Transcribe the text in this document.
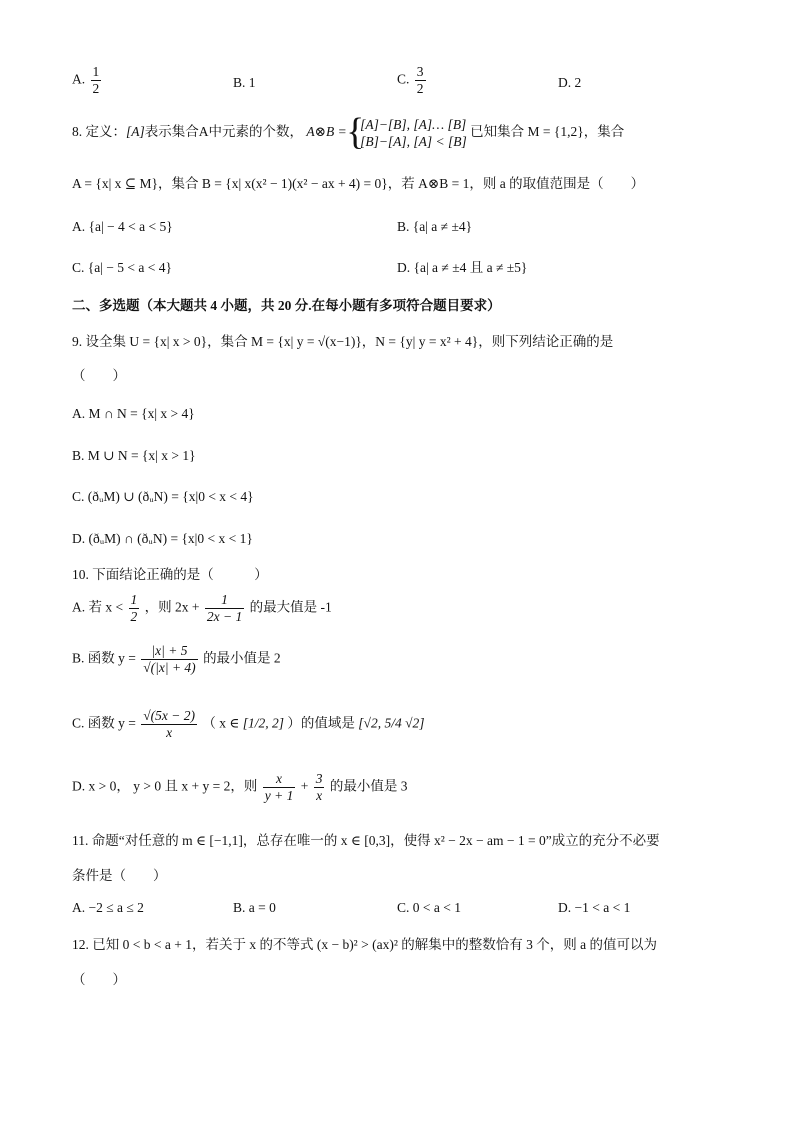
A. $\frac{1}{2}$	B. 1	C. $\frac{3}{2}$	D. 2
8. 定义：[A]表示集合A中元素的个数， A⊗B =
{ [A]−[B], [A]… [B]
[B]−[A], [A] < [B]
已知集合 M = {1,2}，集合
A = {x| x ⊆ M}，集合 B = {x| x(x² − 1)(x² − ax + 4) = 0}，若 A⊗B = 1，则 a 的取值范围是（　　）
A. {a| − 4 < a < 5}	B. {a| a ≠ ±4}
C. {a| − 5 < a < 4}	D. {a| a ≠ ±4 且 a ≠ ±5}
二、多选题（本大题共 4 小题，共 20 分.在每小题有多项符合题目要求）
9. 设全集 U = {x| x > 0}，集合 M = {x| y = √(x−1)}，N = {y| y = x² + 4}，则下列结论正确的是
（　　）
A. M ∩ N = {x| x > 4}
B. M ∪ N = {x| x > 1}
C. (ðᵤM) ∪ (ðᵤN) = {x|0 < x < 4}
D. (ðᵤM) ∩ (ðᵤN) = {x|0 < x < 1}
10. 下面结论正确的是（　　　）
A. 若 $x < \frac{1}{2}$ ，则 $2x + \frac{1}{2x - 1}$ 的最大值是 -1
B. 函数 $y = \frac{|x| + 5}{√(|x| + 4)}$ 的最小值是 2
C. 函数 $y = \frac{√(5x - 2)}{x}$ （ x ∈ [1/2, 2] ）的值域是 [√2, 5/4 √2]
D. x > 0， y > 0 且 x + y = 2，则 $\frac{x}{y + 1} + \frac{3}{x}$ 的最小值是 3
11. 命题“对任意的 m ∈ [−1,1]，总存在唯一的 x ∈ [0,3]，使得 x² − 2x − am − 1 = 0”成立的充分不必要
条件是（　　）
A. −2 ≤ a ≤ 2	B. a = 0	C. 0 < a < 1	D. −1 < a < 1
12. 已知 0 < b < a + 1，若关于 x 的不等式 (x − b)² > (ax)² 的解集中的整数恰有 3 个，则 a 的值可以为
（　　）
